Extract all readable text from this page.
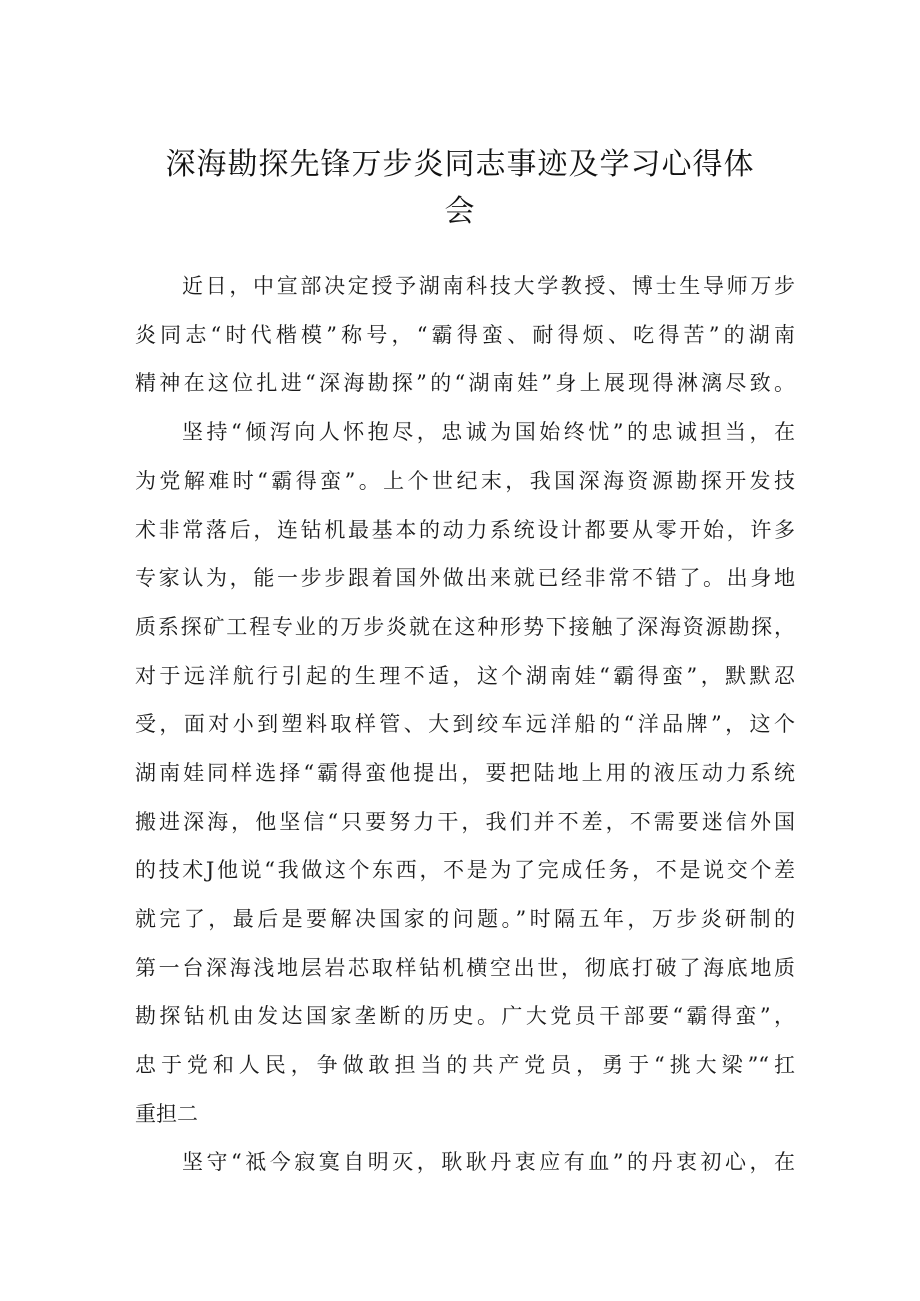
深海勘探先锋万步炎同志事迹及学习心得体
会
近日，中宣部决定授予湖南科技大学教授、博士生导师万步
炎同志“时代楷模”称号，“霸得蛮、耐得烦、吃得苦”的湖南
精神在这位扎进“深海勘探”的“湖南娃”身上展现得淋漓尽致。
坚持“倾泻向人怀抱尽，忠诚为国始终忧”的忠诚担当，在
为党解难时“霸得蛮”。上个世纪末，我国深海资源勘探开发技
术非常落后，连钻机最基本的动力系统设计都要从零开始，许多
专家认为，能一步步跟着国外做出来就已经非常不错了。出身地
质系探矿工程专业的万步炎就在这种形势下接触了深海资源勘探，
对于远洋航行引起的生理不适，这个湖南娃“霸得蛮”，默默忍
受，面对小到塑料取样管、大到绞车远洋船的“洋品牌”，这个
湖南娃同样选择“霸得蛮他提出，要把陆地上用的液压动力系统
搬进深海，他坚信“只要努力干，我们并不差，不需要迷信外国
的技术J他说“我做这个东西，不是为了完成任务，不是说交个差
就完了，最后是要解决国家的问题。”时隔五年，万步炎研制的
第一台深海浅地层岩芯取样钻机横空出世，彻底打破了海底地质
勘探钻机由发达国家垄断的历史。广大党员干部要“霸得蛮”，
忠于党和人民，争做敢担当的共产党员，勇于“挑大梁”“扛
重担二
坚守“祗今寂寞自明灭，耿耿丹衷应有血”的丹衷初心，在
